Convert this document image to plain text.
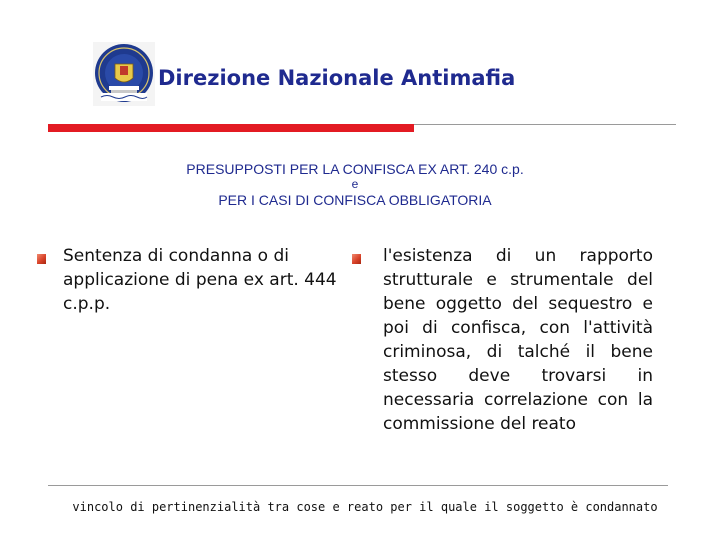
Direzione Nazionale Antimafia
PRESUPPOSTI PER LA CONFISCA EX ART. 240 c.p.
e
PER I CASI DI CONFISCA OBBLIGATORIA
Sentenza di condanna o di applicazione di pena ex art. 444 c.p.p.
l'esistenza di un rapporto strutturale e strumentale del bene oggetto del sequestro e poi di confisca, con l'attività criminosa, di talché il bene stesso deve trovarsi in necessaria correlazione con la commissione del reato
vincolo di pertinenzialità tra cose e reato per il quale il soggetto è condannato
